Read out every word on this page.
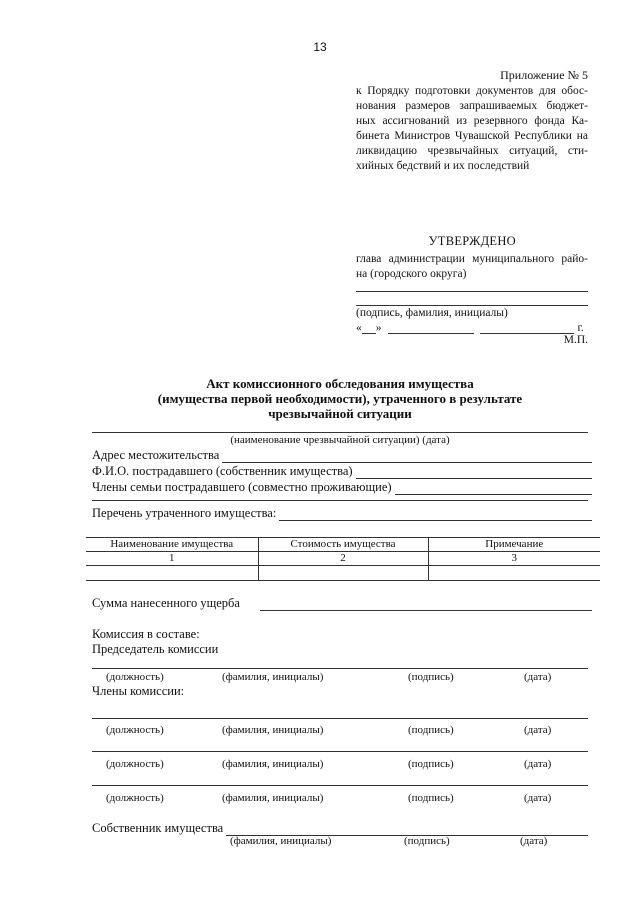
13
Приложение № 5
к Порядку подготовки документов для обос-
нования размеров запрашиваемых бюджет-
ных ассигнований из резервного фонда Ка-
бинета Министров Чувашской Республики на
ликвидацию чрезвычайных ситуаций, сти-
хийных бедствий и их последствий
УТВЕРЖДЕНО
глава администрации муниципального райо-
на (городского округа)
(подпись, фамилия, инициалы)
« »	г.
М.П.
Акт комиссионного обследования имущества
(имущества первой необходимости), утраченного в результате
чрезвычайной ситуации
(наименование чрезвычайной ситуации) (дата)
Адрес местожительства
Ф.И.О. пострадавшего (собственник имущества)
Члены семьи пострадавшего (совместно проживающие)
Перечень утраченного имущества:
Наименование имущества	Стоимость имущества	Примечание
1	2	3

Сумма нанесенного ущерба
Комиссия в составе:
Председатель комиссии
(должность)	(фамилия, инициалы)	(подпись)	(дата)
Члены комиссии:
(должность)	(фамилия, инициалы)	(подпись)	(дата)
(должность)	(фамилия, инициалы)	(подпись)	(дата)
(должность)	(фамилия, инициалы)	(подпись)	(дата)
Собственник имущества
(фамилия, инициалы)	(подпись)	(дата)
